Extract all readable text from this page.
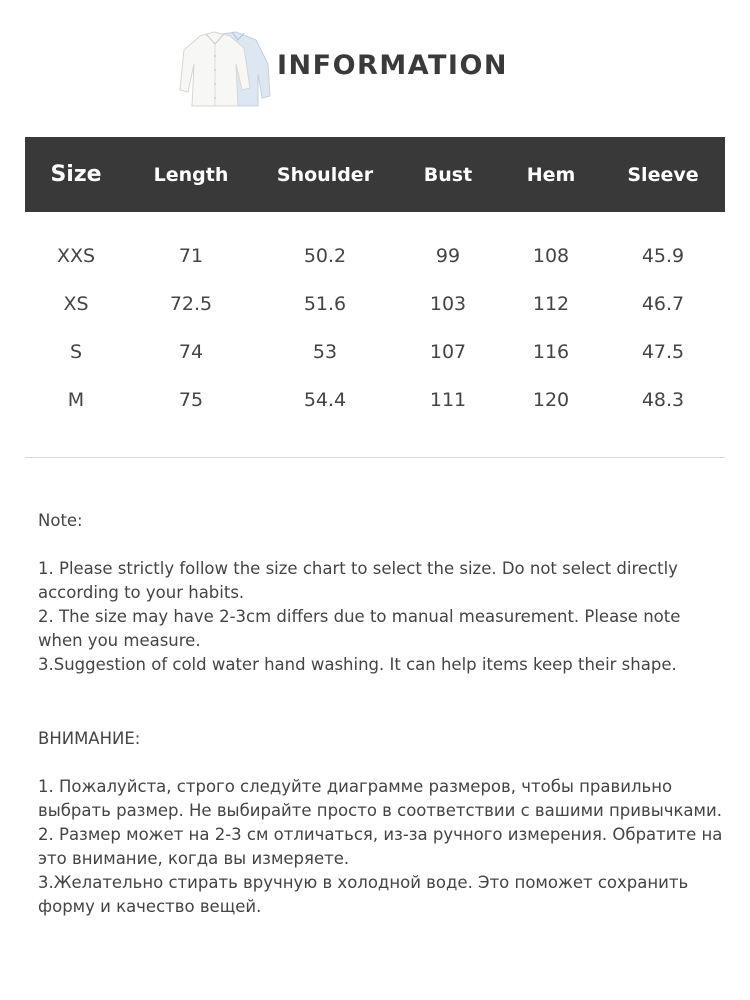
INFORMATION
Size	Length	Shoulder	Bust	Hem	Sleeve

XXS	71	50.2	99	108	45.9
XS	72.5	51.6	103	112	46.7
S	74	53	107	116	47.5
M	75	54.4	111	120	48.3

Note:

1. Please strictly follow the size chart to select the size. Do not select directly according to your habits.

2. The size may have 2-3cm differs due to manual measurement. Please note when you measure.

3.Suggestion of cold water hand washing. It can help items keep their shape.

ВНИМАНИЕ:

1. Пожалуйста, строго следуйте диаграмме размеров, чтобы правильно выбрать размер. Не выбирайте просто в соответствии с вашими привычками.

2. Размер может на 2-3 см отличаться, из-за ручного измерения. Обратите на это внимание, когда вы измеряете.

3.Желательно стирать вручную в холодной воде. Это поможет сохранить форму и качество вещей.
